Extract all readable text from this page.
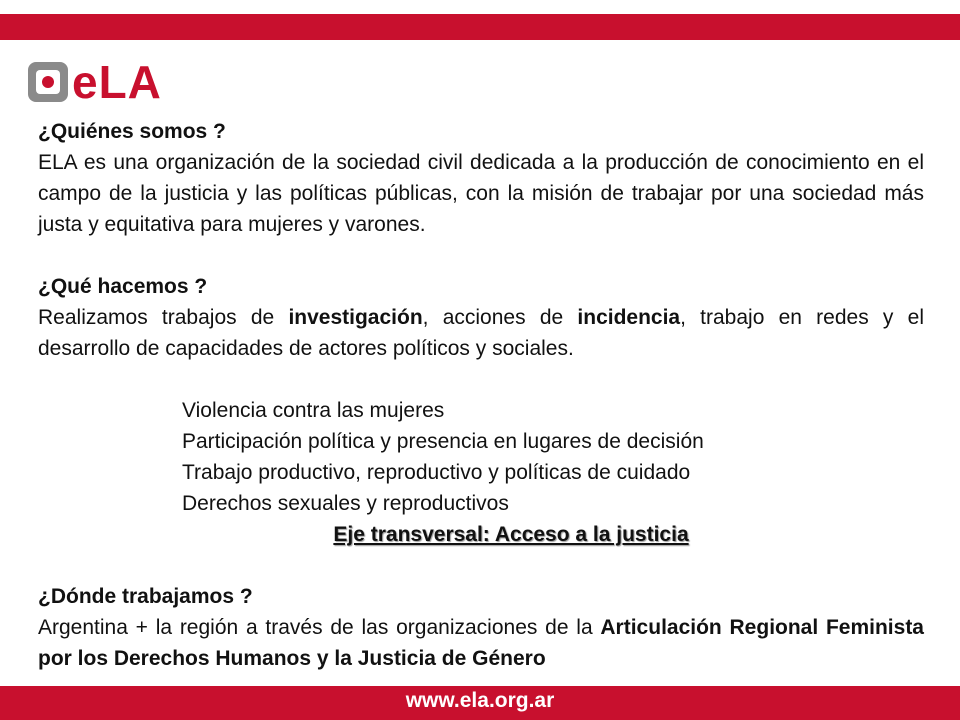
eLA

¿Quiénes somos ?

ELA es una organización de la sociedad civil dedicada a la producción de conocimiento en el campo de la justicia y las políticas públicas, con la misión de trabajar por una sociedad más justa y equitativa para mujeres y varones.

¿Qué hacemos ?

Realizamos trabajos de investigación, acciones de incidencia, trabajo en redes y el desarrollo de capacidades de actores políticos y sociales.

Violencia contra las mujeres
Participación política y presencia en lugares de decisión
Trabajo productivo, reproductivo y políticas de cuidado
Derechos sexuales y reproductivos

Eje transversal: Acceso a la justicia

¿Dónde trabajamos ?

Argentina + la región a través de las organizaciones de la Articulación Regional Feminista por los Derechos Humanos y la Justicia de Género

www.ela.org.ar
